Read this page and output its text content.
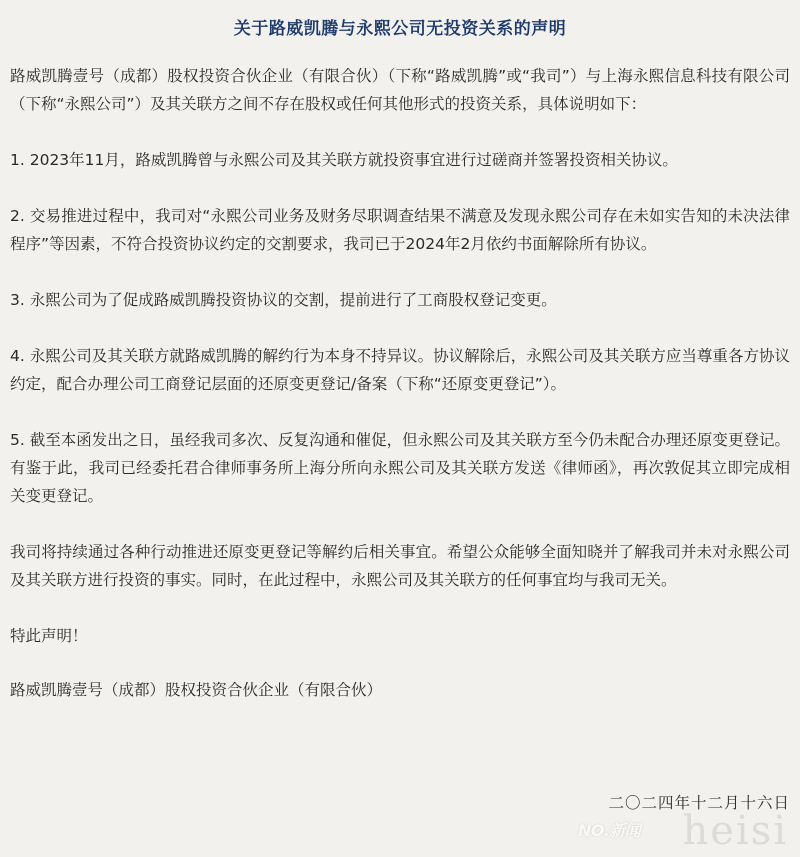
关于路威凯腾与永熙公司无投资关系的声明

路威凯腾壹号（成都）股权投资合伙企业（有限合伙）（下称“路威凯腾”或“我司”）与上海永熙信息科技有限公司（下称“永熙公司”）及其关联方之间不存在股权或任何其他形式的投资关系，具体说明如下：

1. 2023年11月，路威凯腾曾与永熙公司及其关联方就投资事宜进行过磋商并签署投资相关协议。

2. 交易推进过程中，我司对“永熙公司业务及财务尽职调查结果不满意及发现永熙公司存在未如实告知的未决法律程序”等因素，不符合投资协议约定的交割要求，我司已于2024年2月依约书面解除所有协议。

3. 永熙公司为了促成路威凯腾投资协议的交割，提前进行了工商股权登记变更。

4. 永熙公司及其关联方就路威凯腾的解约行为本身不持异议。协议解除后，永熙公司及其关联方应当尊重各方协议约定，配合办理公司工商登记层面的还原变更登记/备案（下称“还原变更登记”）。

5. 截至本函发出之日，虽经我司多次、反复沟通和催促，但永熙公司及其关联方至今仍未配合办理还原变更登记。有鉴于此，我司已经委托君合律师事务所上海分所向永熙公司及其关联方发送《律师函》，再次敦促其立即完成相关变更登记。

我司将持续通过各种行动推进还原变更登记等解约后相关事宜。希望公众能够全面知晓并了解我司并未对永熙公司及其关联方进行投资的事实。同时，在此过程中，永熙公司及其关联方的任何事宜均与我司无关。

特此声明！

路威凯腾壹号（成都）股权投资合伙企业（有限合伙）

二〇二四年十二月十六日
NO.新闻 heisi
